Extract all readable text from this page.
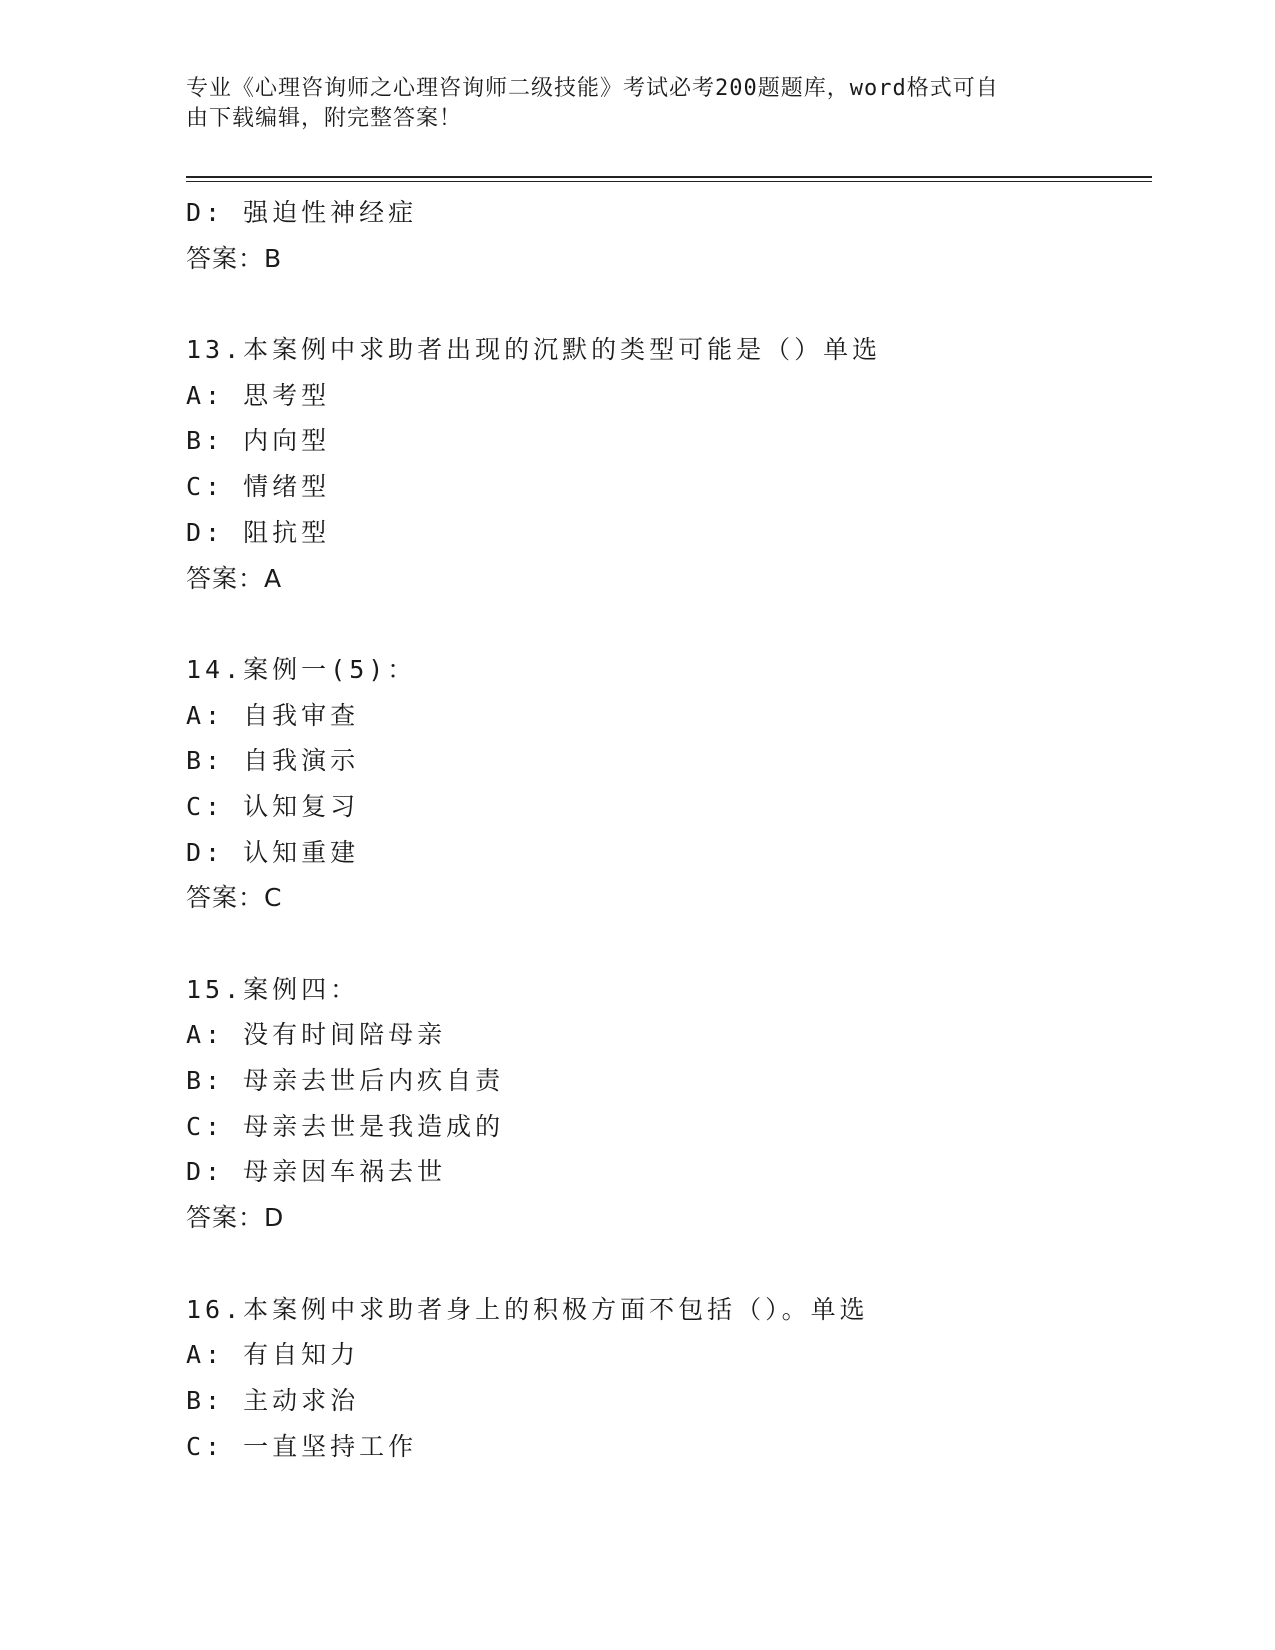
专业《心理咨询师之心理咨询师二级技能》考试必考200题题库，word格式可自
由下载编辑，附完整答案！
D: 强迫性神经症
答案：B
13.本案例中求助者出现的沉默的类型可能是（）单选
A: 思考型
B: 内向型
C: 情绪型
D: 阻抗型
答案：A
14.案例一(5)：
A: 自我审查
B: 自我演示
C: 认知复习
D: 认知重建
答案：C
15.案例四：
A: 没有时间陪母亲
B: 母亲去世后内疚自责
C: 母亲去世是我造成的
D: 母亲因车祸去世
答案：D
16.本案例中求助者身上的积极方面不包括（）。单选
A: 有自知力
B: 主动求治
C: 一直坚持工作
